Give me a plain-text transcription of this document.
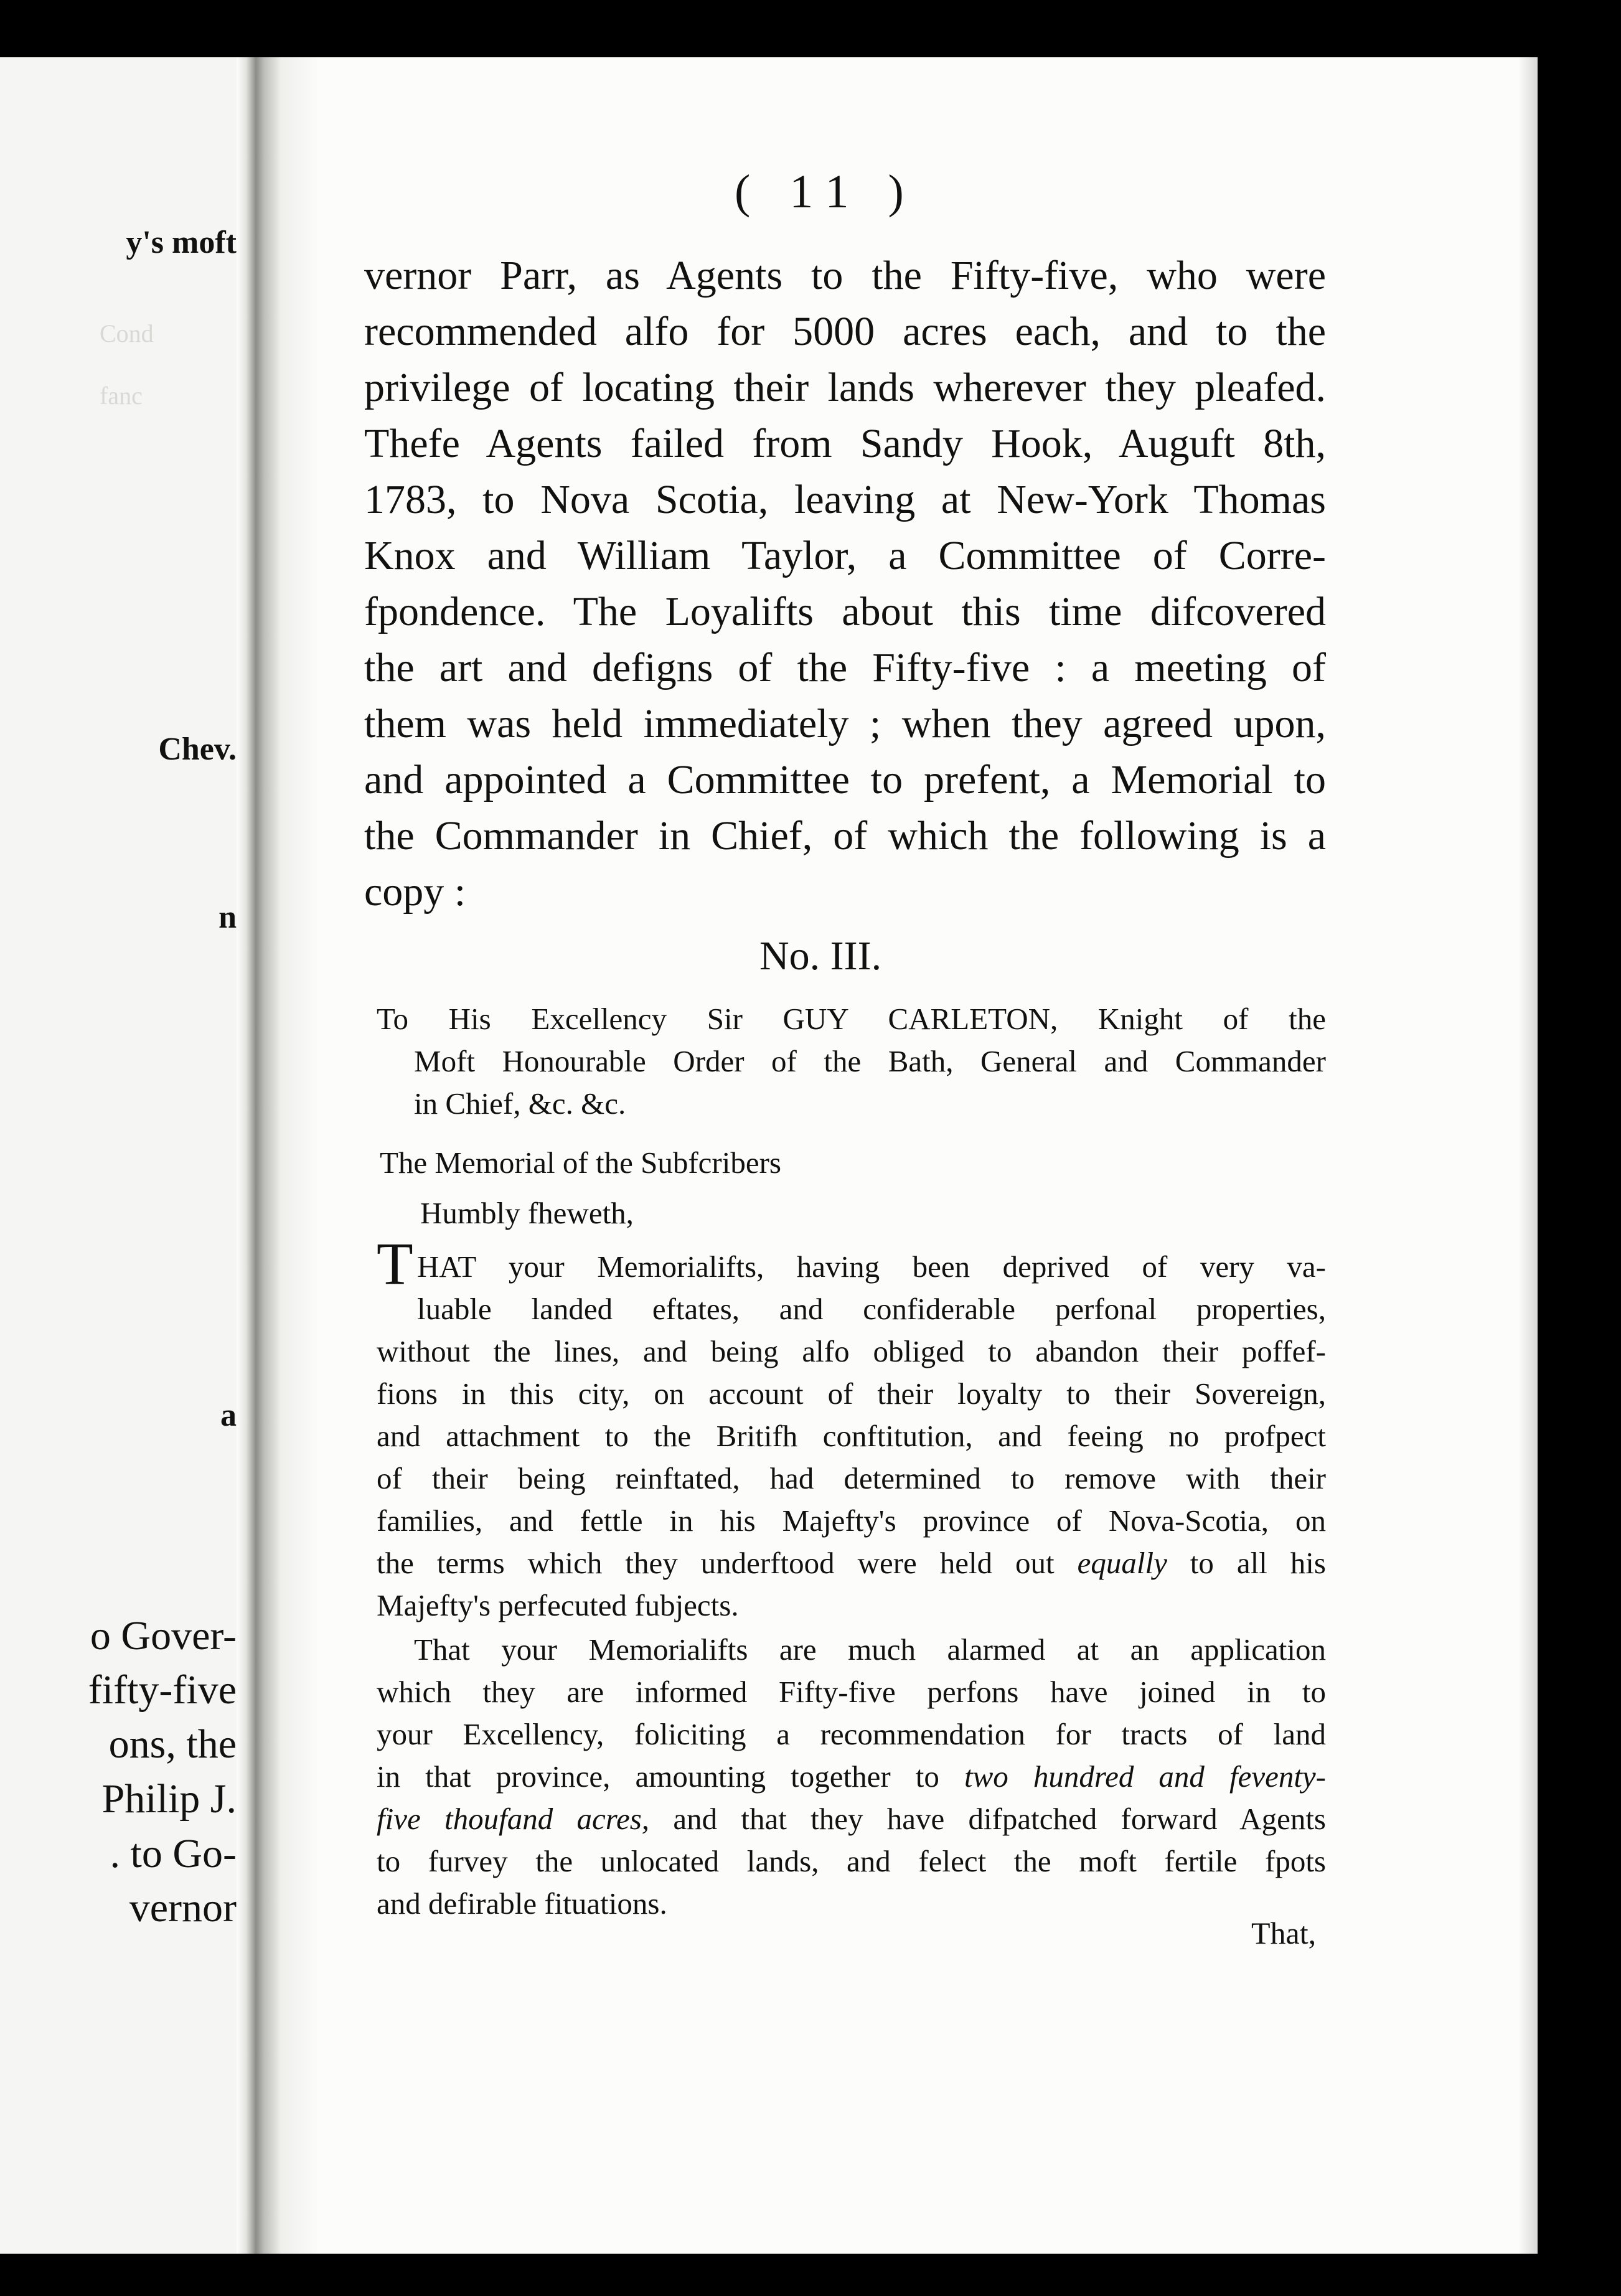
y's moft
Cond
fanc
Chev.
n
a
o Gover-
fifty-five
ons, the
Philip J.
. to Go-
vernor
( 11 )
vernor Parr, as Agents to the Fifty-five, who were
recommended alfo for 5000 acres each, and to the
privilege of locating their lands wherever they pleafed.
Thefe Agents failed from Sandy Hook, Auguft 8th,
1783, to Nova Scotia, leaving at New-York Thomas
Knox and William Taylor, a Committee of Corre-
fpondence. The Loyalifts about this time difcovered
the art and defigns of the Fifty-five : a meeting of
them was held immediately ; when they agreed upon,
and appointed a Committee to prefent, a Memorial to
the Commander in Chief, of which the following is a
copy :
No. III.
To His Excellency Sir GUY CARLETON, Knight of the
Moft Honourable Order of the Bath, General and Commander
in Chief, &c. &c.
The Memorial of the Subfcribers
Humbly fheweth,
T HAT your Memorialifts, having been deprived of very va-
luable landed eftates, and confiderable perfonal properties,
without the lines, and being alfo obliged to abandon their poffef-
fions in this city, on account of their loyalty to their Sovereign,
and attachment to the Britifh conftitution, and feeing no profpect
of their being reinftated, had determined to remove with their
families, and fettle in his Majefty's province of Nova-Scotia, on
the terms which they underftood were held out equally to all his
Majefty's perfecuted fubjects.
That your Memorialifts are much alarmed at an application
which they are informed Fifty-five perfons have joined in to
your Excellency, foliciting a recommendation for tracts of land
in that province, amounting together to two hundred and feventy-
five thoufand acres, and that they have difpatched forward Agents
to furvey the unlocated lands, and felect the moft fertile fpots
and defirable fituations.
That,
